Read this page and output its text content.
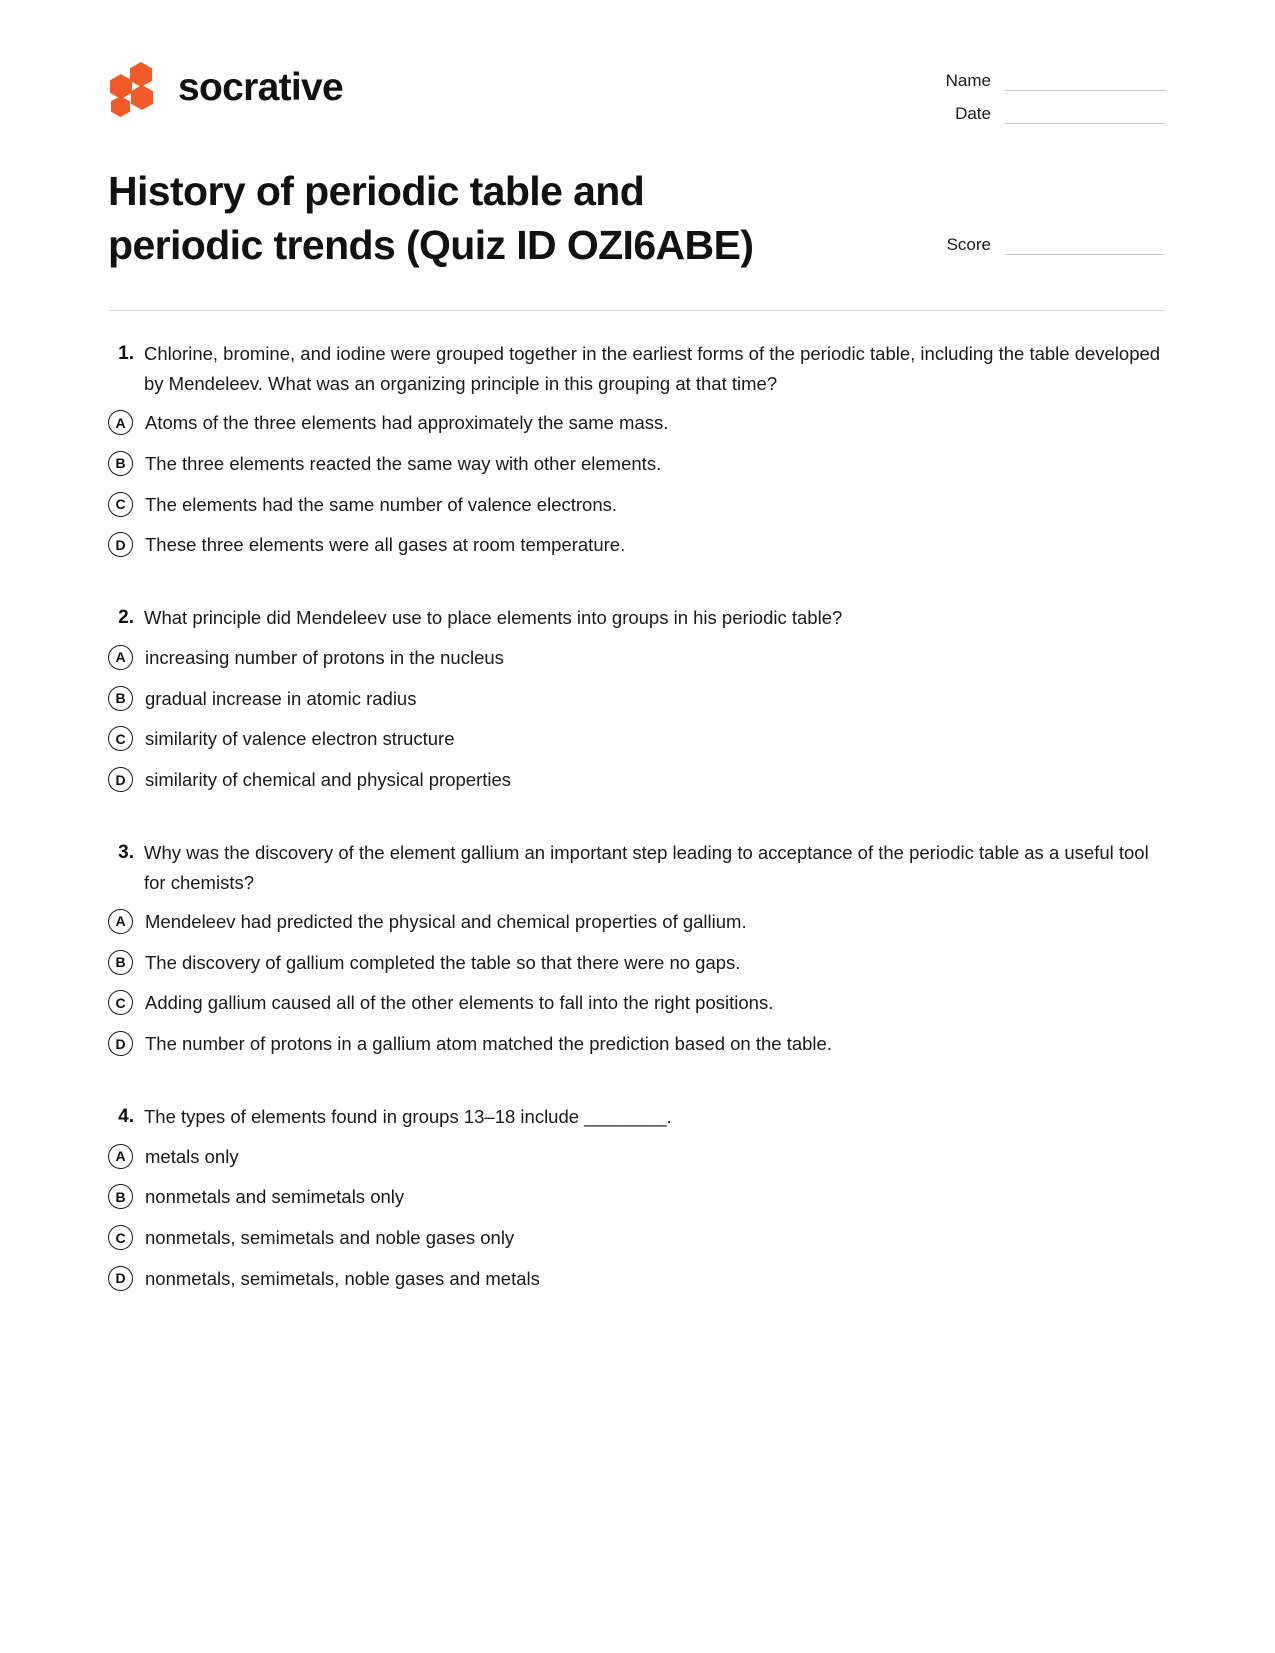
socrative	Name
Date
History of periodic table and periodic trends (Quiz ID OZI6ABE)	Score
1. Chlorine, bromine, and iodine were grouped together in the earliest forms of the periodic table, including the table developed by Mendeleev. What was an organizing principle in this grouping at that time?

A	Atoms of the three elements had approximately the same mass.
B	The three elements reacted the same way with other elements.
C	The elements had the same number of valence electrons.
D	These three elements were all gases at room temperature.
2. What principle did Mendeleev use to place elements into groups in his periodic table?

A	increasing number of protons in the nucleus
B	gradual increase in atomic radius
C	similarity of valence electron structure
D	similarity of chemical and physical properties
3. Why was the discovery of the element gallium an important step leading to acceptance of the periodic table as a useful tool for chemists?

A	Mendeleev had predicted the physical and chemical properties of gallium.
B	The discovery of gallium completed the table so that there were no gaps.
C	Adding gallium caused all of the other elements to fall into the right positions.
D	The number of protons in a gallium atom matched the prediction based on the table.
4. The types of elements found in groups 13–18 include ________.

A	metals only
B	nonmetals and semimetals only
C	nonmetals, semimetals and noble gases only
D	nonmetals, semimetals, noble gases and metals
